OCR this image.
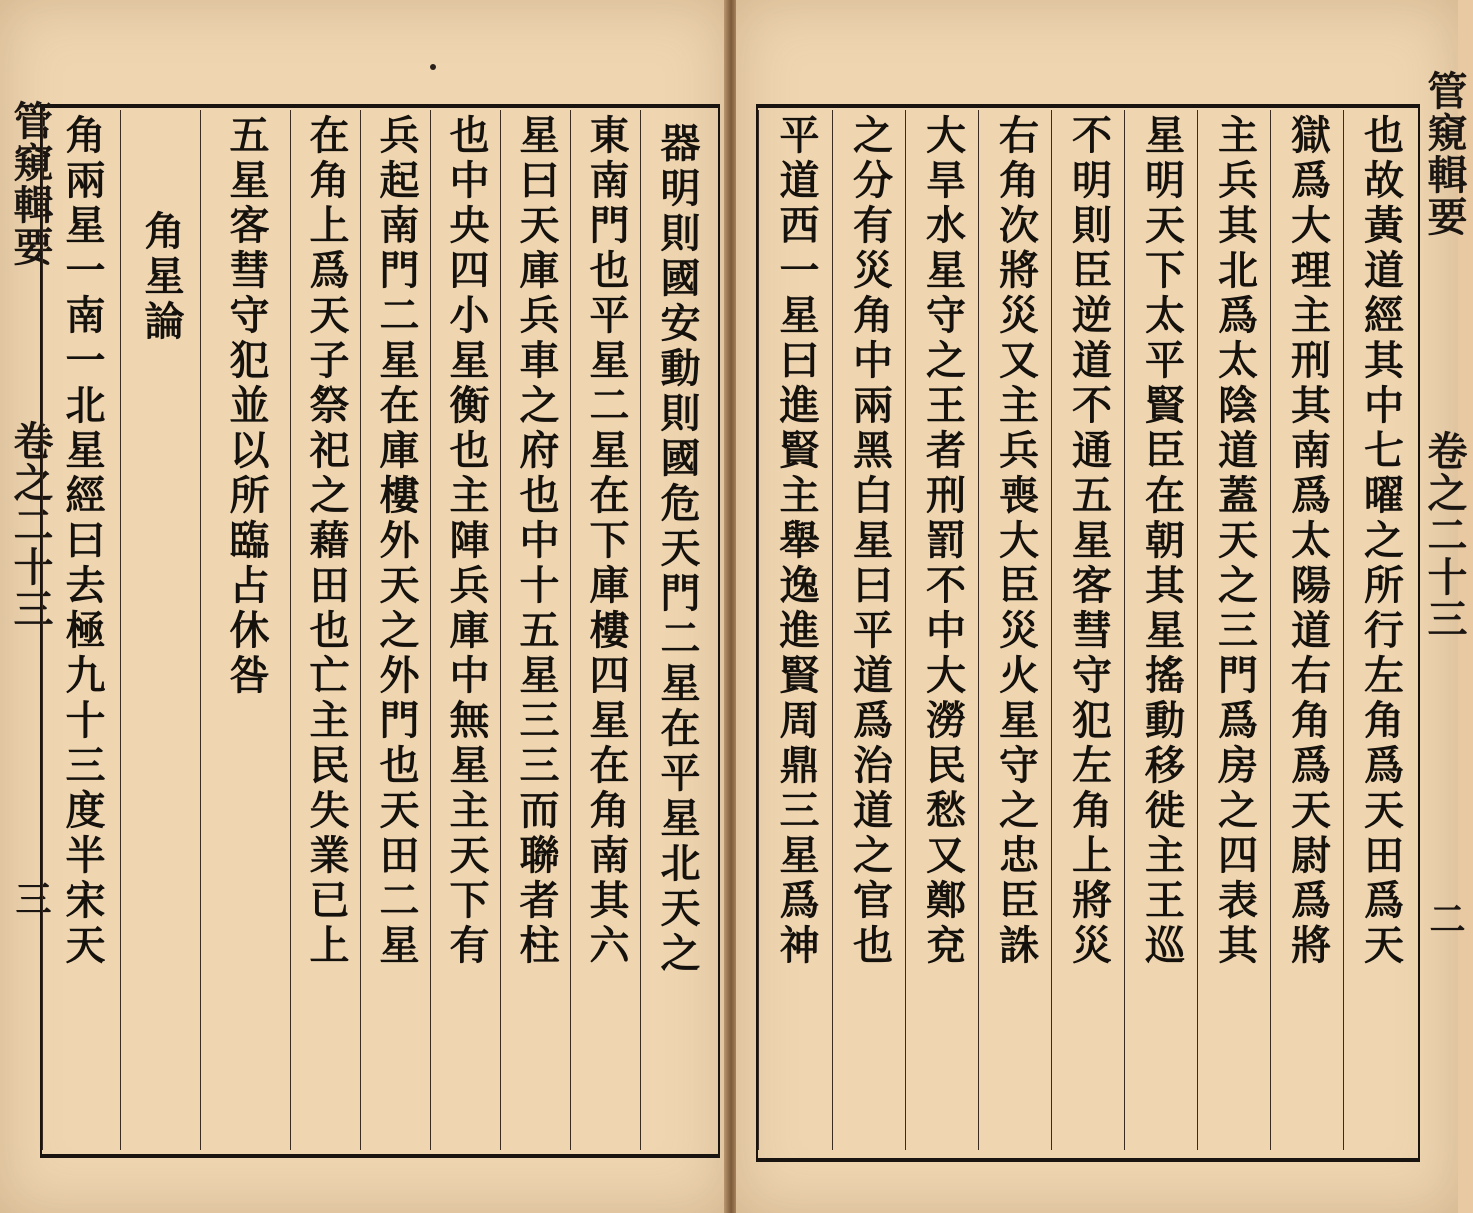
管窺輯要
卷之二十三
三	器明則國安動則國危天門二星在平星北天之
東南門也平星二星在下庫樓四星在角南其六
星曰天庫兵車之府也中十五星三三而聯者柱
也中央四小星衡也主陣兵庫中無星主天下有
兵起南門二星在庫樓外天之外門也天田二星
在角上爲天子祭祀之藉田也亡主民失業已上
五星客彗守犯並以所臨占休咎
角星論
角兩星一南一北星經曰去極九十三度半宋天	管窺輯要
卷之二十三
二
也故黃道經其中七曜之所行左角爲天田爲天
獄爲大理主刑其南爲太陽道右角爲天尉爲將
主兵其北爲太陰道蓋天之三門爲房之四表其
星明天下太平賢臣在朝其星搖動移徙主王巡
不明則臣逆道不通五星客彗守犯左角上將災
右角次將災又主兵喪大臣災火星守之忠臣誅
大旱水星守之王者刑罰不中大澇民愁又鄭兗
之分有災角中兩黑白星曰平道爲治道之官也
平道西一星曰進賢主舉逸進賢周鼎三星爲神
